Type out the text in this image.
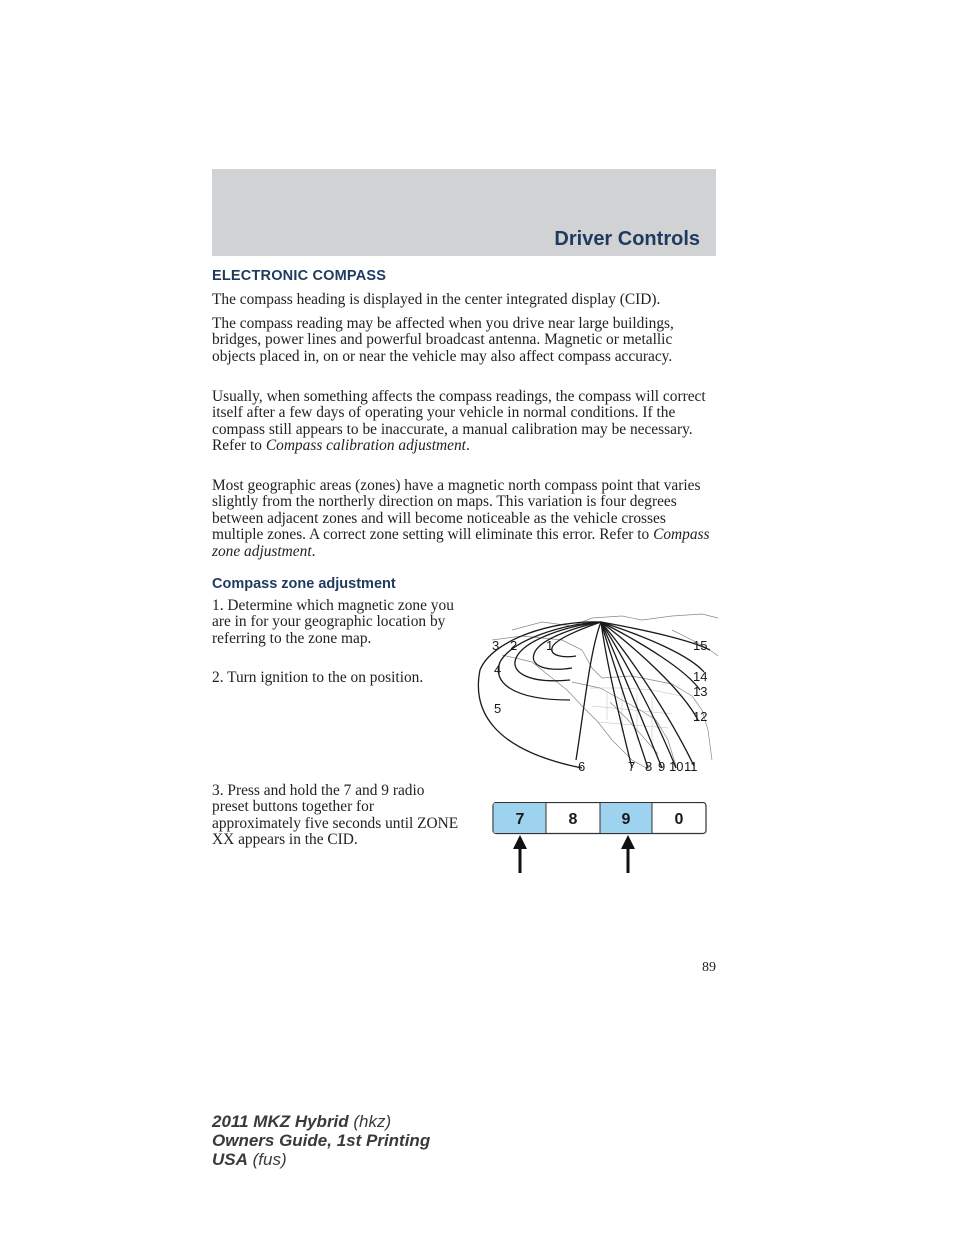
Driver Controls
ELECTRONIC COMPASS

The compass heading is displayed in the center integrated display (CID).

The compass reading may be affected when you drive near large buildings, bridges, power lines and powerful broadcast antenna. Magnetic or metallic objects placed in, on or near the vehicle may also affect compass accuracy.

Usually, when something affects the compass readings, the compass will correct itself after a few days of operating your vehicle in normal conditions. If the compass still appears to be inaccurate, a manual calibration may be necessary. Refer to Compass calibration adjustment.

Most geographic areas (zones) have a magnetic north compass point that varies slightly from the northerly direction on maps. This variation is four degrees between adjacent zones and will become noticeable as the vehicle crosses multiple zones. A correct zone setting will eliminate this error. Refer to Compass zone adjustment.

Compass zone adjustment

1. Determine which magnetic zone you are in for your geographic location by referring to the zone map.

2. Turn ignition to the on position.

3. Press and hold the 7 and 9 radio preset buttons together for approximately five seconds until ZONE XX appears in the CID.

3 2 1
4
5
6	7 8 9 10 11
12
13
14
15
7	8	9	0
89
2011 MKZ Hybrid (hkz)
Owners Guide, 1st Printing
USA (fus)
